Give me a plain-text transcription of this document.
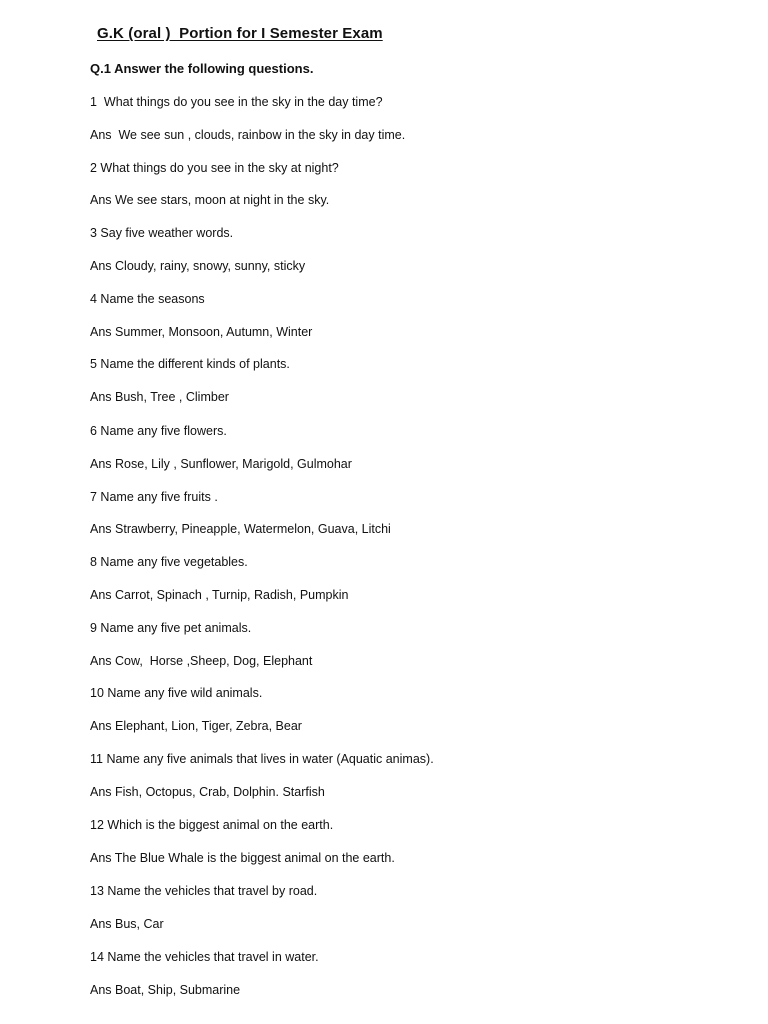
G.K (oral )  Portion for I Semester Exam
Q.1 Answer the following questions.
1  What things do you see in the sky in the day time?
Ans  We see sun , clouds, rainbow in the sky in day time.
2 What things do you see in the sky at night?
Ans We see stars, moon at night in the sky.
3 Say five weather words.
Ans Cloudy, rainy, snowy, sunny, sticky
4 Name the seasons
Ans Summer, Monsoon, Autumn, Winter
5 Name the different kinds of plants.
Ans Bush, Tree , Climber
6 Name any five flowers.
Ans Rose, Lily , Sunflower, Marigold, Gulmohar
7 Name any five fruits .
Ans Strawberry, Pineapple, Watermelon, Guava, Litchi
8 Name any five vegetables.
Ans Carrot, Spinach , Turnip, Radish, Pumpkin
9 Name any five pet animals.
Ans Cow,  Horse ,Sheep, Dog, Elephant
10 Name any five wild animals.
Ans Elephant, Lion, Tiger, Zebra, Bear
11 Name any five animals that lives in water (Aquatic animas).
Ans Fish, Octopus, Crab, Dolphin. Starfish
12 Which is the biggest animal on the earth.
Ans The Blue Whale is the biggest animal on the earth.
13 Name the vehicles that travel by road.
Ans Bus, Car
14 Name the vehicles that travel in water.
Ans Boat, Ship, Submarine
